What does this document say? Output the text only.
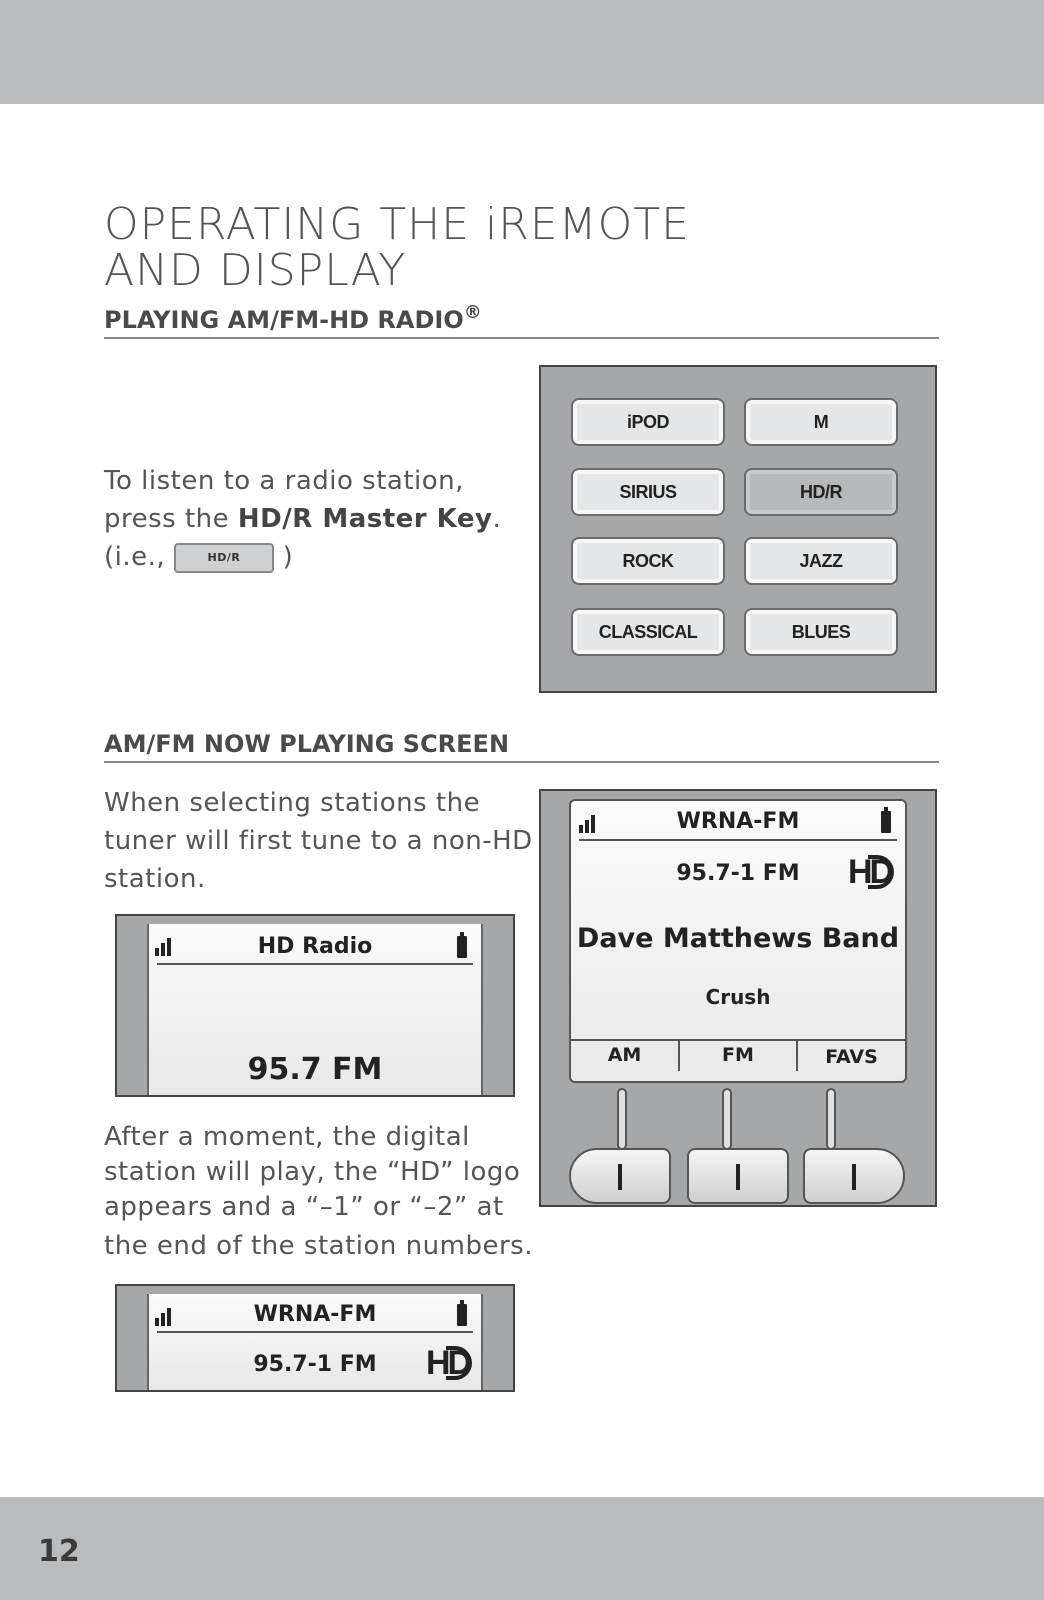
OPERATING THE iREMOTE
AND DISPLAY
PLAYING AM/FM-HD RADIO®
To listen to a radio station,
press the HD/R Master Key.
(i.e.,	HD/R )
iPOD	M
SIRIUS	HD/R
ROCK	JAZZ
CLASSICAL	BLUES
AM/FM NOW PLAYING SCREEN
When selecting stations the
tuner will first tune to a non-HD
station.
HD Radio
95.7 FM
After a moment, the digital
station will play, the “HD” logo
appears and a “–1” or “–2” at
the end of the station numbers.
WRNA-FM
95.7-1 FM	HD
WRNA-FM
95.7-1 FM	HD
Dave Matthews Band
Crush
AM	FM	FAVS
12
